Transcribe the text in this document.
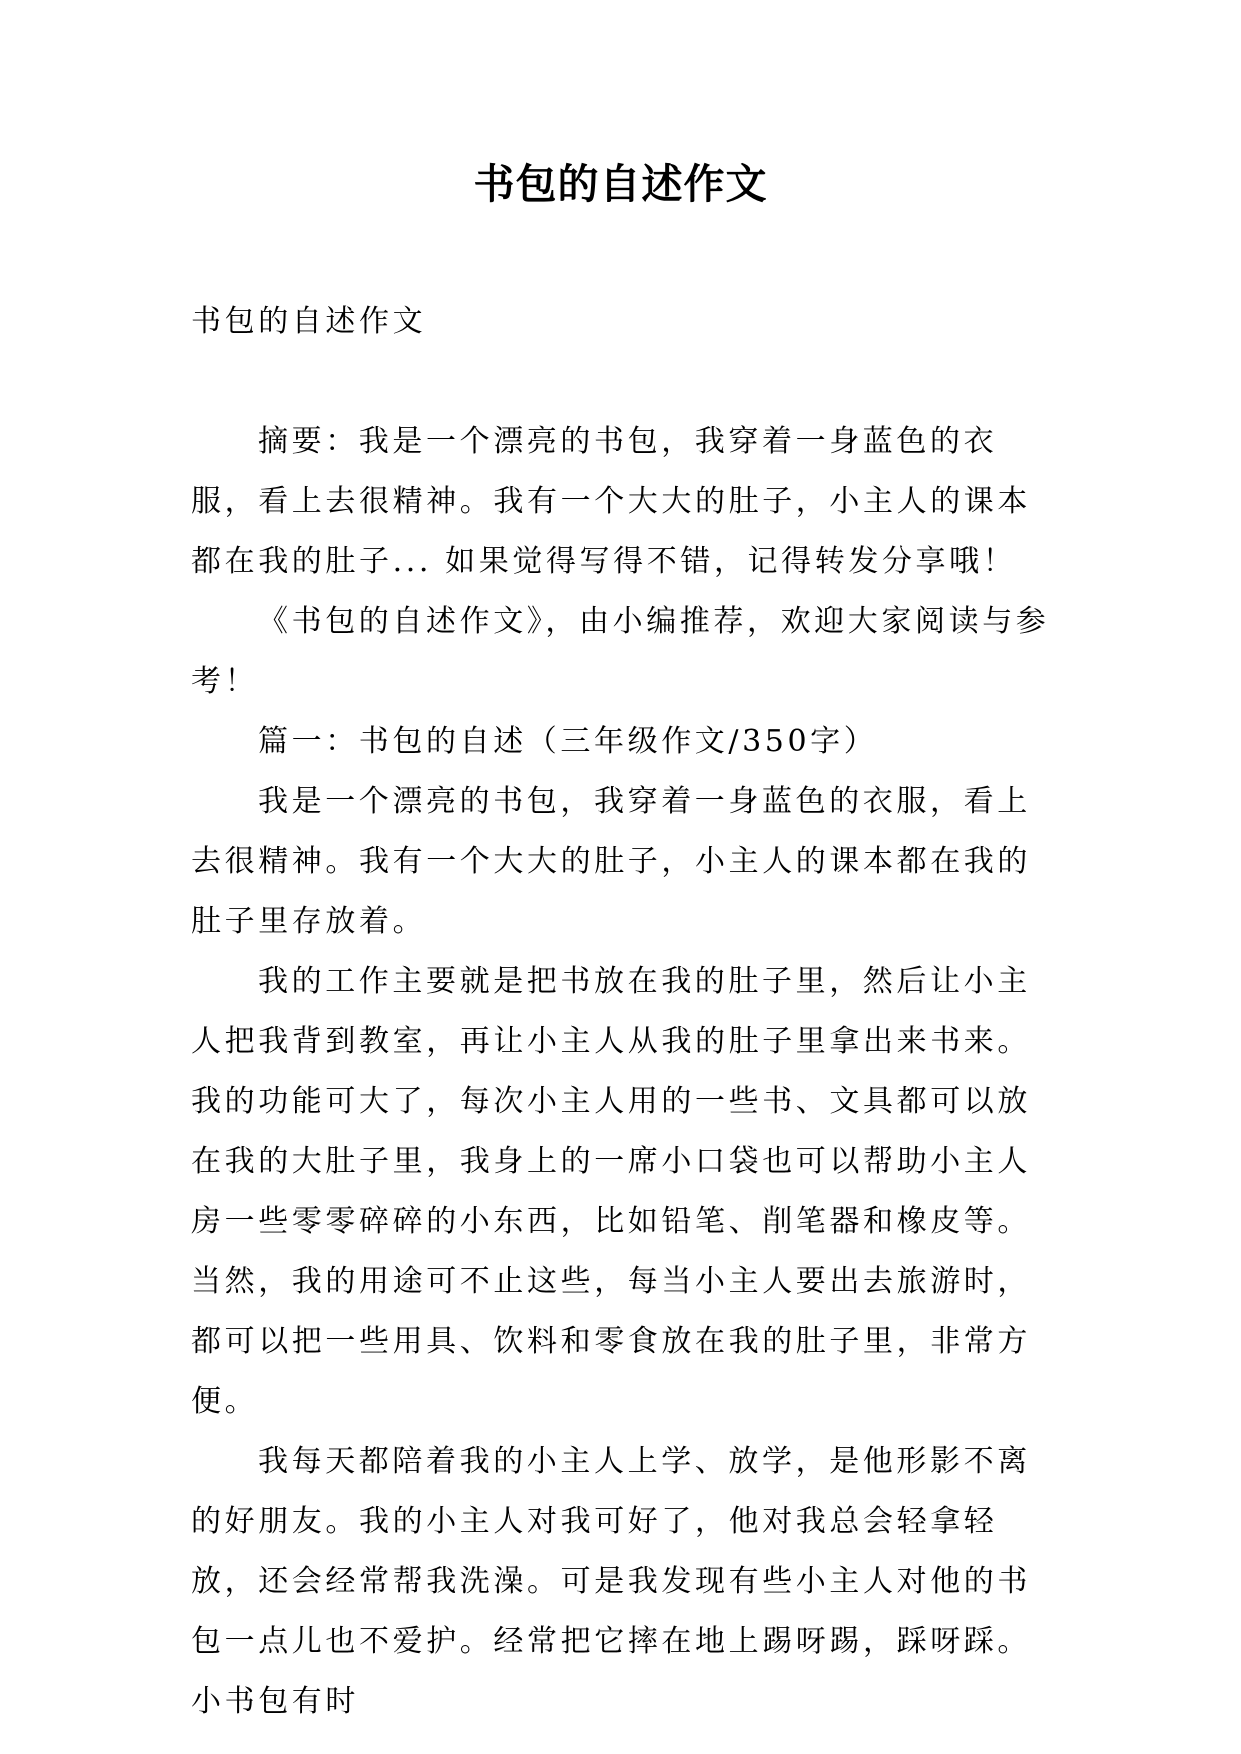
书包的自述作文

书包的自述作文

摘要：我是一个漂亮的书包，我穿着一身蓝色的衣服，看上去很精神。我有一个大大的肚子，小主人的课本都在我的肚子... 如果觉得写得不错，记得转发分享哦！

《书包的自述作文》，由小编推荐，欢迎大家阅读与参考！

篇一：书包的自述（三年级作文/350字）

我是一个漂亮的书包，我穿着一身蓝色的衣服，看上去很精神。我有一个大大的肚子，小主人的课本都在我的肚子里存放着。

我的工作主要就是把书放在我的肚子里，然后让小主人把我背到教室，再让小主人从我的肚子里拿出来书来。我的功能可大了，每次小主人用的一些书、文具都可以放在我的大肚子里，我身上的一席小口袋也可以帮助小主人房一些零零碎碎的小东西，比如铅笔、削笔器和橡皮等。当然，我的用途可不止这些，每当小主人要出去旅游时，都可以把一些用具、饮料和零食放在我的肚子里，非常方便。

我每天都陪着我的小主人上学、放学，是他形影不离的好朋友。我的小主人对我可好了，他对我总会轻拿轻放，还会经常帮我洗澡。可是我发现有些小主人对他的书包一点儿也不爱护。经常把它摔在地上踢呀踢，踩呀踩。小书包有时
